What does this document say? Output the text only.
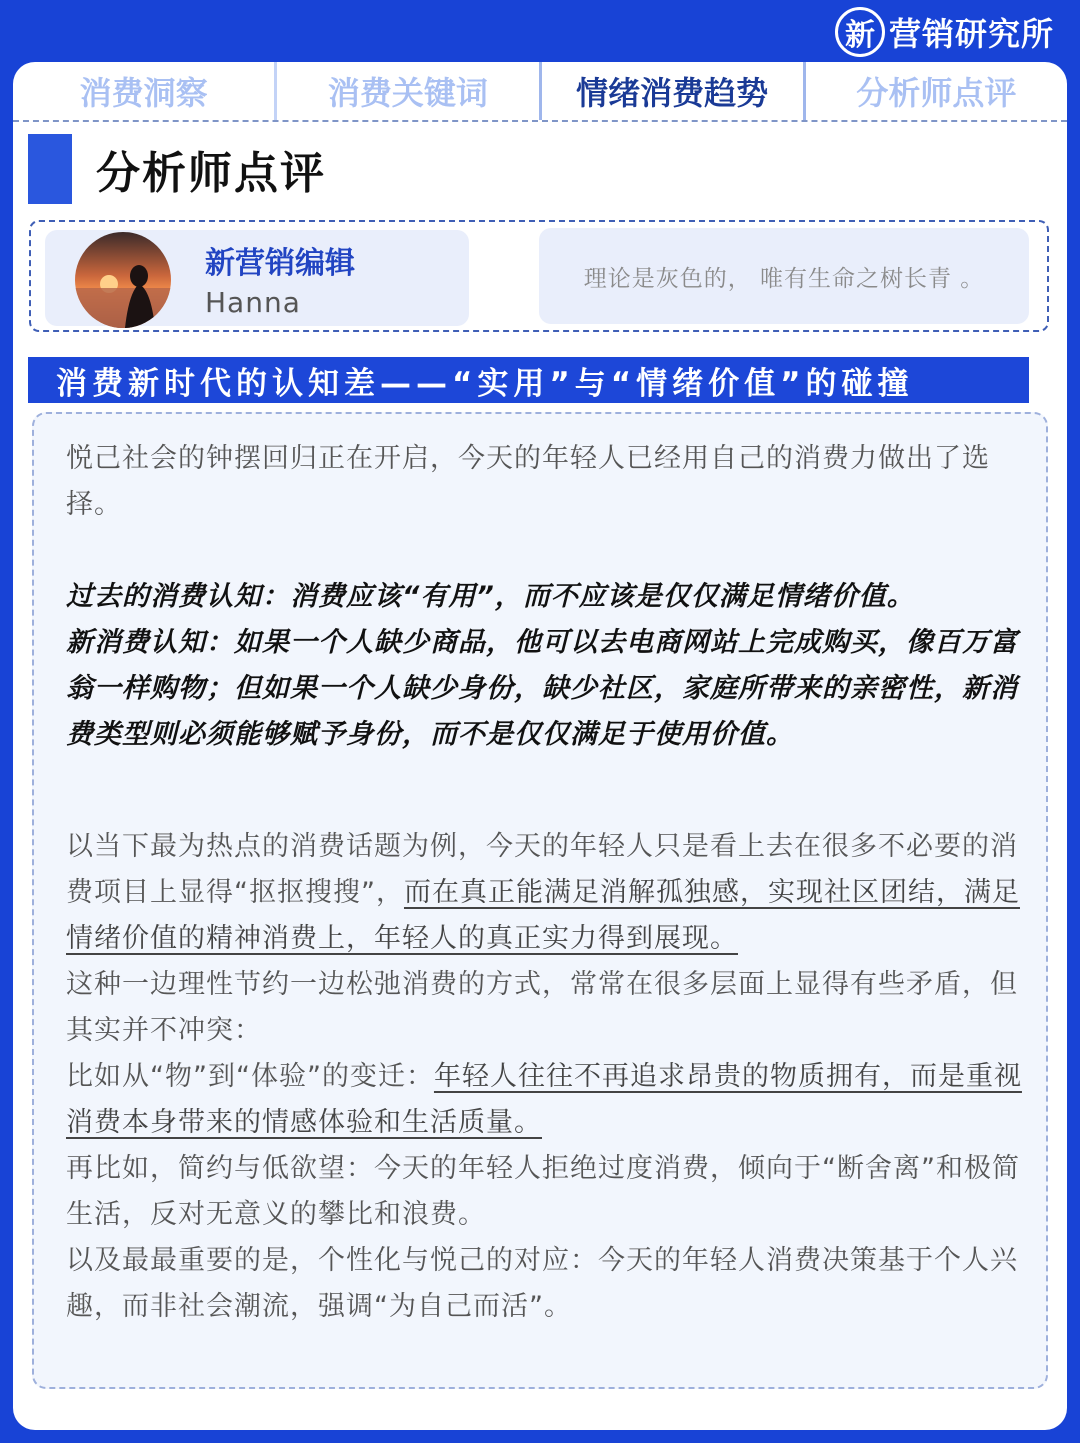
新 营销研究所
消费洞察	消费关键词	情绪消费趋势	分析师点评
分析师点评
新营销编辑
Hanna
理论是灰色的， 唯有生命之树长青 。
消费新时代的认知差——“实用”与“情绪价值”的碰撞
悦己社会的钟摆回归正在开启，今天的年轻人已经用自己的消费力做出了选择。
过去的消费认知：消费应该“有用”，而不应该是仅仅满足情绪价值。
新消费认知：如果一个人缺少商品，他可以去电商网站上完成购买，像百万富翁一样购物；但如果一个人缺少身份，缺少社区，家庭所带来的亲密性，新消费类型则必须能够赋予身份，而不是仅仅满足于使用价值。
以当下最为热点的消费话题为例，今天的年轻人只是看上去在很多不必要的消费项目上显得“抠抠搜搜”，而在真正能满足消解孤独感，实现社区团结，满足情绪价值的精神消费上，年轻人的真正实力得到展现。
这种一边理性节约一边松弛消费的方式，常常在很多层面上显得有些矛盾，但其实并不冲突：
比如从“物”到“体验”的变迁：年轻人往往不再追求昂贵的物质拥有，而是重视消费本身带来的情感体验和生活质量。
再比如，简约与低欲望：今天的年轻人拒绝过度消费，倾向于“断舍离”和极简生活，反对无意义的攀比和浪费。
以及最最重要的是，个性化与悦己的对应：今天的年轻人消费决策基于个人兴趣，而非社会潮流，强调“为自己而活”。
